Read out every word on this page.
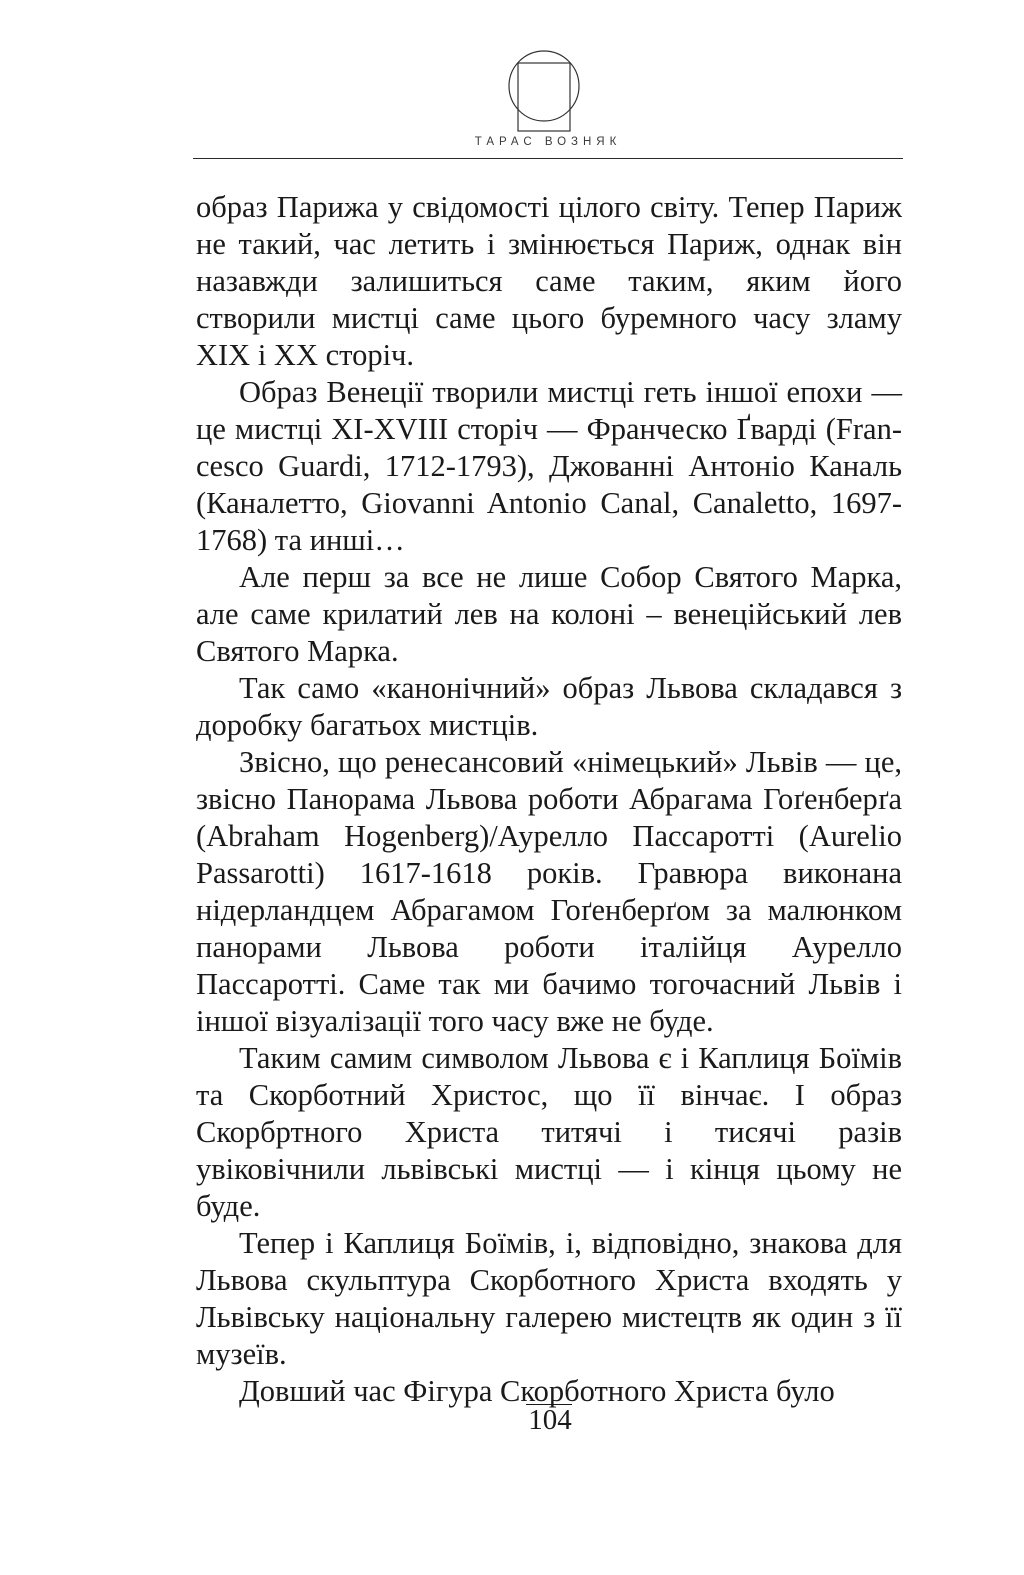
ТАРАС ВОЗНЯК

образ Парижа у свідомості цілого світу. Тепер Париж не такий, час летить і змінюється Париж, однак він назавжди залишиться саме таким, яким його створили мистці саме цього буремного часу зламу XIX і XX сторіч.

Образ Венеції творили мистці геть іншої епохи — це мистці XI-XVIII сторіч — Франческо Ґварді (Francesco Guardi, 1712-1793), Джованні Антоніо Каналь (Каналетто, Giovanni Antonio Canal, Canaletto, 1697-1768) та инші…

Але перш за все не лише Собор Святого Марка, але саме крилатий лев на колоні – венеційський лев Святого Марка.

Так само «канонічний» образ Львова складався з доробку багатьох мистців.

Звісно, що ренесансовий «німецький» Львів — це, звісно Панорама Львова роботи Абрагама Гоґенберґа (Abraham Hogenberg)/Аурелло Пассаротті (Aurelio Passarotti) 1617-1618 років. Гравюра виконана нідерландцем Абрагамом Гоґенберґом за малюнком панорами Львова роботи італійця Аурелло Пассаротті. Саме так ми бачимо тогочасний Львів і іншої візуалізації того часу вже не буде.

Таким самим символом Львова є і Каплиця Боїмів та Скорботний Христос, що її вінчає. І образ Скорбртного Христа титячі і тисячі разів увіковічнили львівські мистці — і кінця цьому не буде.

Тепер і Каплиця Боїмів, і, відповідно, знакова для Львова скульптура Скорботного Христа входять у Львівську національну галерею мистецтв як один з її музеїв.

Довший час Фігура Скорботного Христа було

104
